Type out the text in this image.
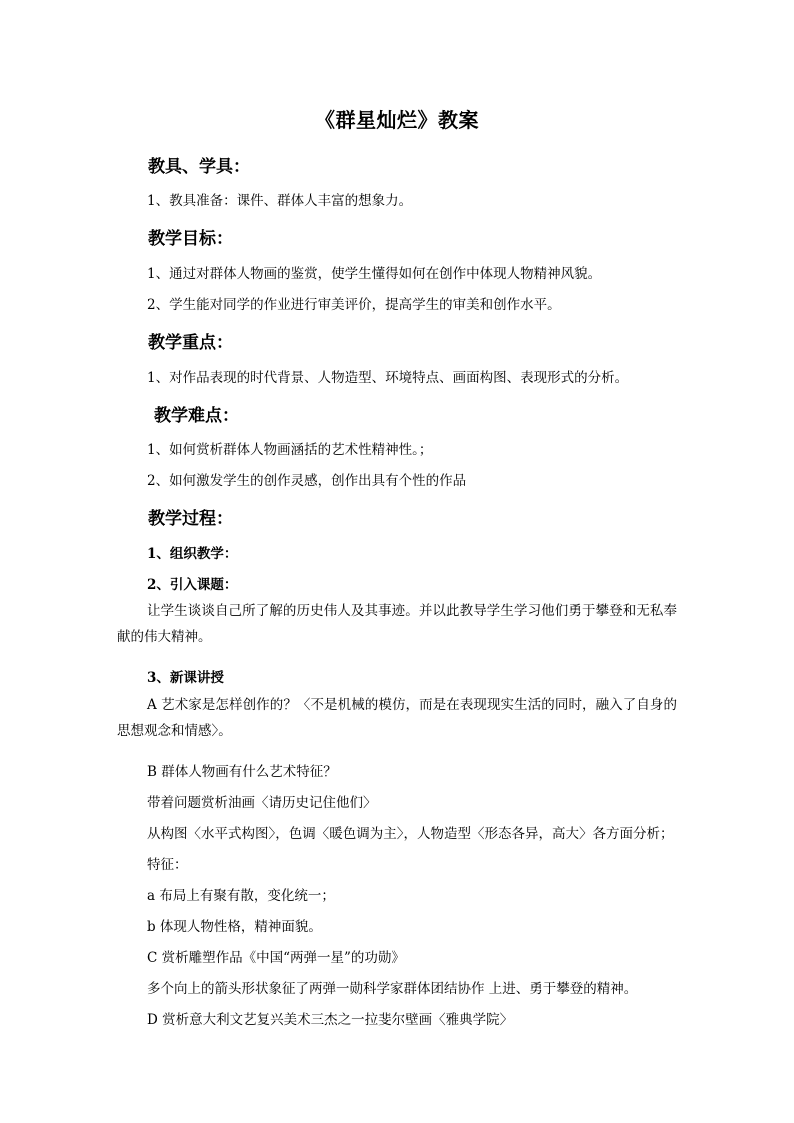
《群星灿烂》教案
教具、学具：
1、教具准备：课件、群体人丰富的想象力。
教学目标：
1、通过对群体人物画的鉴赏，使学生懂得如何在创作中体现人物精神风貌。
2、学生能对同学的作业进行审美评价，提高学生的审美和创作水平。
教学重点：
1、对作品表现的时代背景、人物造型、环境特点、画面构图、表现形式的分析。
教学难点：
1、如何赏析群体人物画涵括的艺术性精神性。；
2、如何激发学生的创作灵感，创作出具有个性的作品
教学过程：
1、组织教学：
2、引入课题：
让学生谈谈自己所了解的历史伟人及其事迹。并以此教导学生学习他们勇于攀登和无私奉献的伟大精神。
3、新课讲授
A 艺术家是怎样创作的？〈不是机械的模仿，而是在表现现实生活的同时，融入了自身的思想观念和情感〉。
B 群体人物画有什么艺术特征？
带着问题赏析油画〈请历史记住他们〉
从构图〈水平式构图〉，色调〈暖色调为主〉，人物造型〈形态各异，高大〉各方面分析；
特征：
a 布局上有聚有散，变化统一；
b 体现人物性格，精神面貌。
C 赏析雕塑作品《中国“两弹一星”的功勋》
多个向上的箭头形状象征了两弹一勋科学家群体团结协作 上进、勇于攀登的精神。
D 赏析意大利文艺复兴美术三杰之一拉斐尔壁画〈雅典学院〉
